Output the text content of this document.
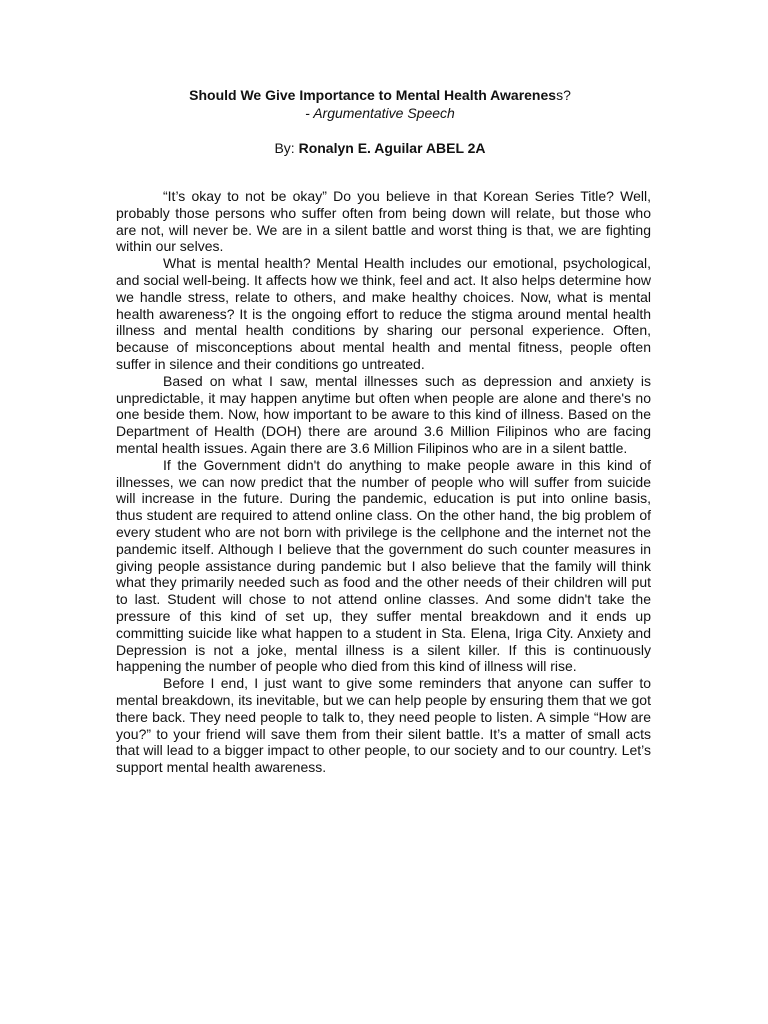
Should We Give Importance to Mental Health Awareness?

- Argumentative Speech

By: Ronalyn E. Aguilar ABEL 2A

“It’s okay to not be okay” Do you believe in that Korean Series Title? Well, probably those persons who suffer often from being down will relate, but those who are not, will never be. We are in a silent battle and worst thing is that, we are fighting within our selves.

What is mental health? Mental Health includes our emotional, psychological, and social well-being. It affects how we think, feel and act. It also helps determine how we handle stress, relate to others, and make healthy choices. Now, what is mental health awareness? It is the ongoing effort to reduce the stigma around mental health illness and mental health conditions by sharing our personal experience. Often, because of misconceptions about mental health and mental fitness, people often suffer in silence and their conditions go untreated.

Based on what I saw, mental illnesses such as depression and anxiety is unpredictable, it may happen anytime but often when people are alone and there's no one beside them. Now, how important to be aware to this kind of illness. Based on the Department of Health (DOH) there are around 3.6 Million Filipinos who are facing mental health issues. Again there are 3.6 Million Filipinos who are in a silent battle.

If the Government didn't do anything to make people aware in this kind of illnesses, we can now predict that the number of people who will suffer from suicide will increase in the future. During the pandemic, education is put into online basis, thus student are required to attend online class. On the other hand, the big problem of every student who are not born with privilege is the cellphone and the internet not the pandemic itself. Although I believe that the government do such counter measures in giving people assistance during pandemic but I also believe that the family will think what they primarily needed such as food and the other needs of their children will put to last. Student will chose to not attend online classes. And some didn't take the pressure of this kind of set up, they suffer mental breakdown and it ends up committing suicide like what happen to a student in Sta. Elena, Iriga City. Anxiety and Depression is not a joke, mental illness is a silent killer. If this is continuously happening the number of people who died from this kind of illness will rise.

Before I end, I just want to give some reminders that anyone can suffer to mental breakdown, its inevitable, but we can help people by ensuring them that we got there back. They need people to talk to, they need people to listen. A simple “How are you?” to your friend will save them from their silent battle. It’s a matter of small acts that will lead to a bigger impact to other people, to our society and to our country. Let’s support mental health awareness.
